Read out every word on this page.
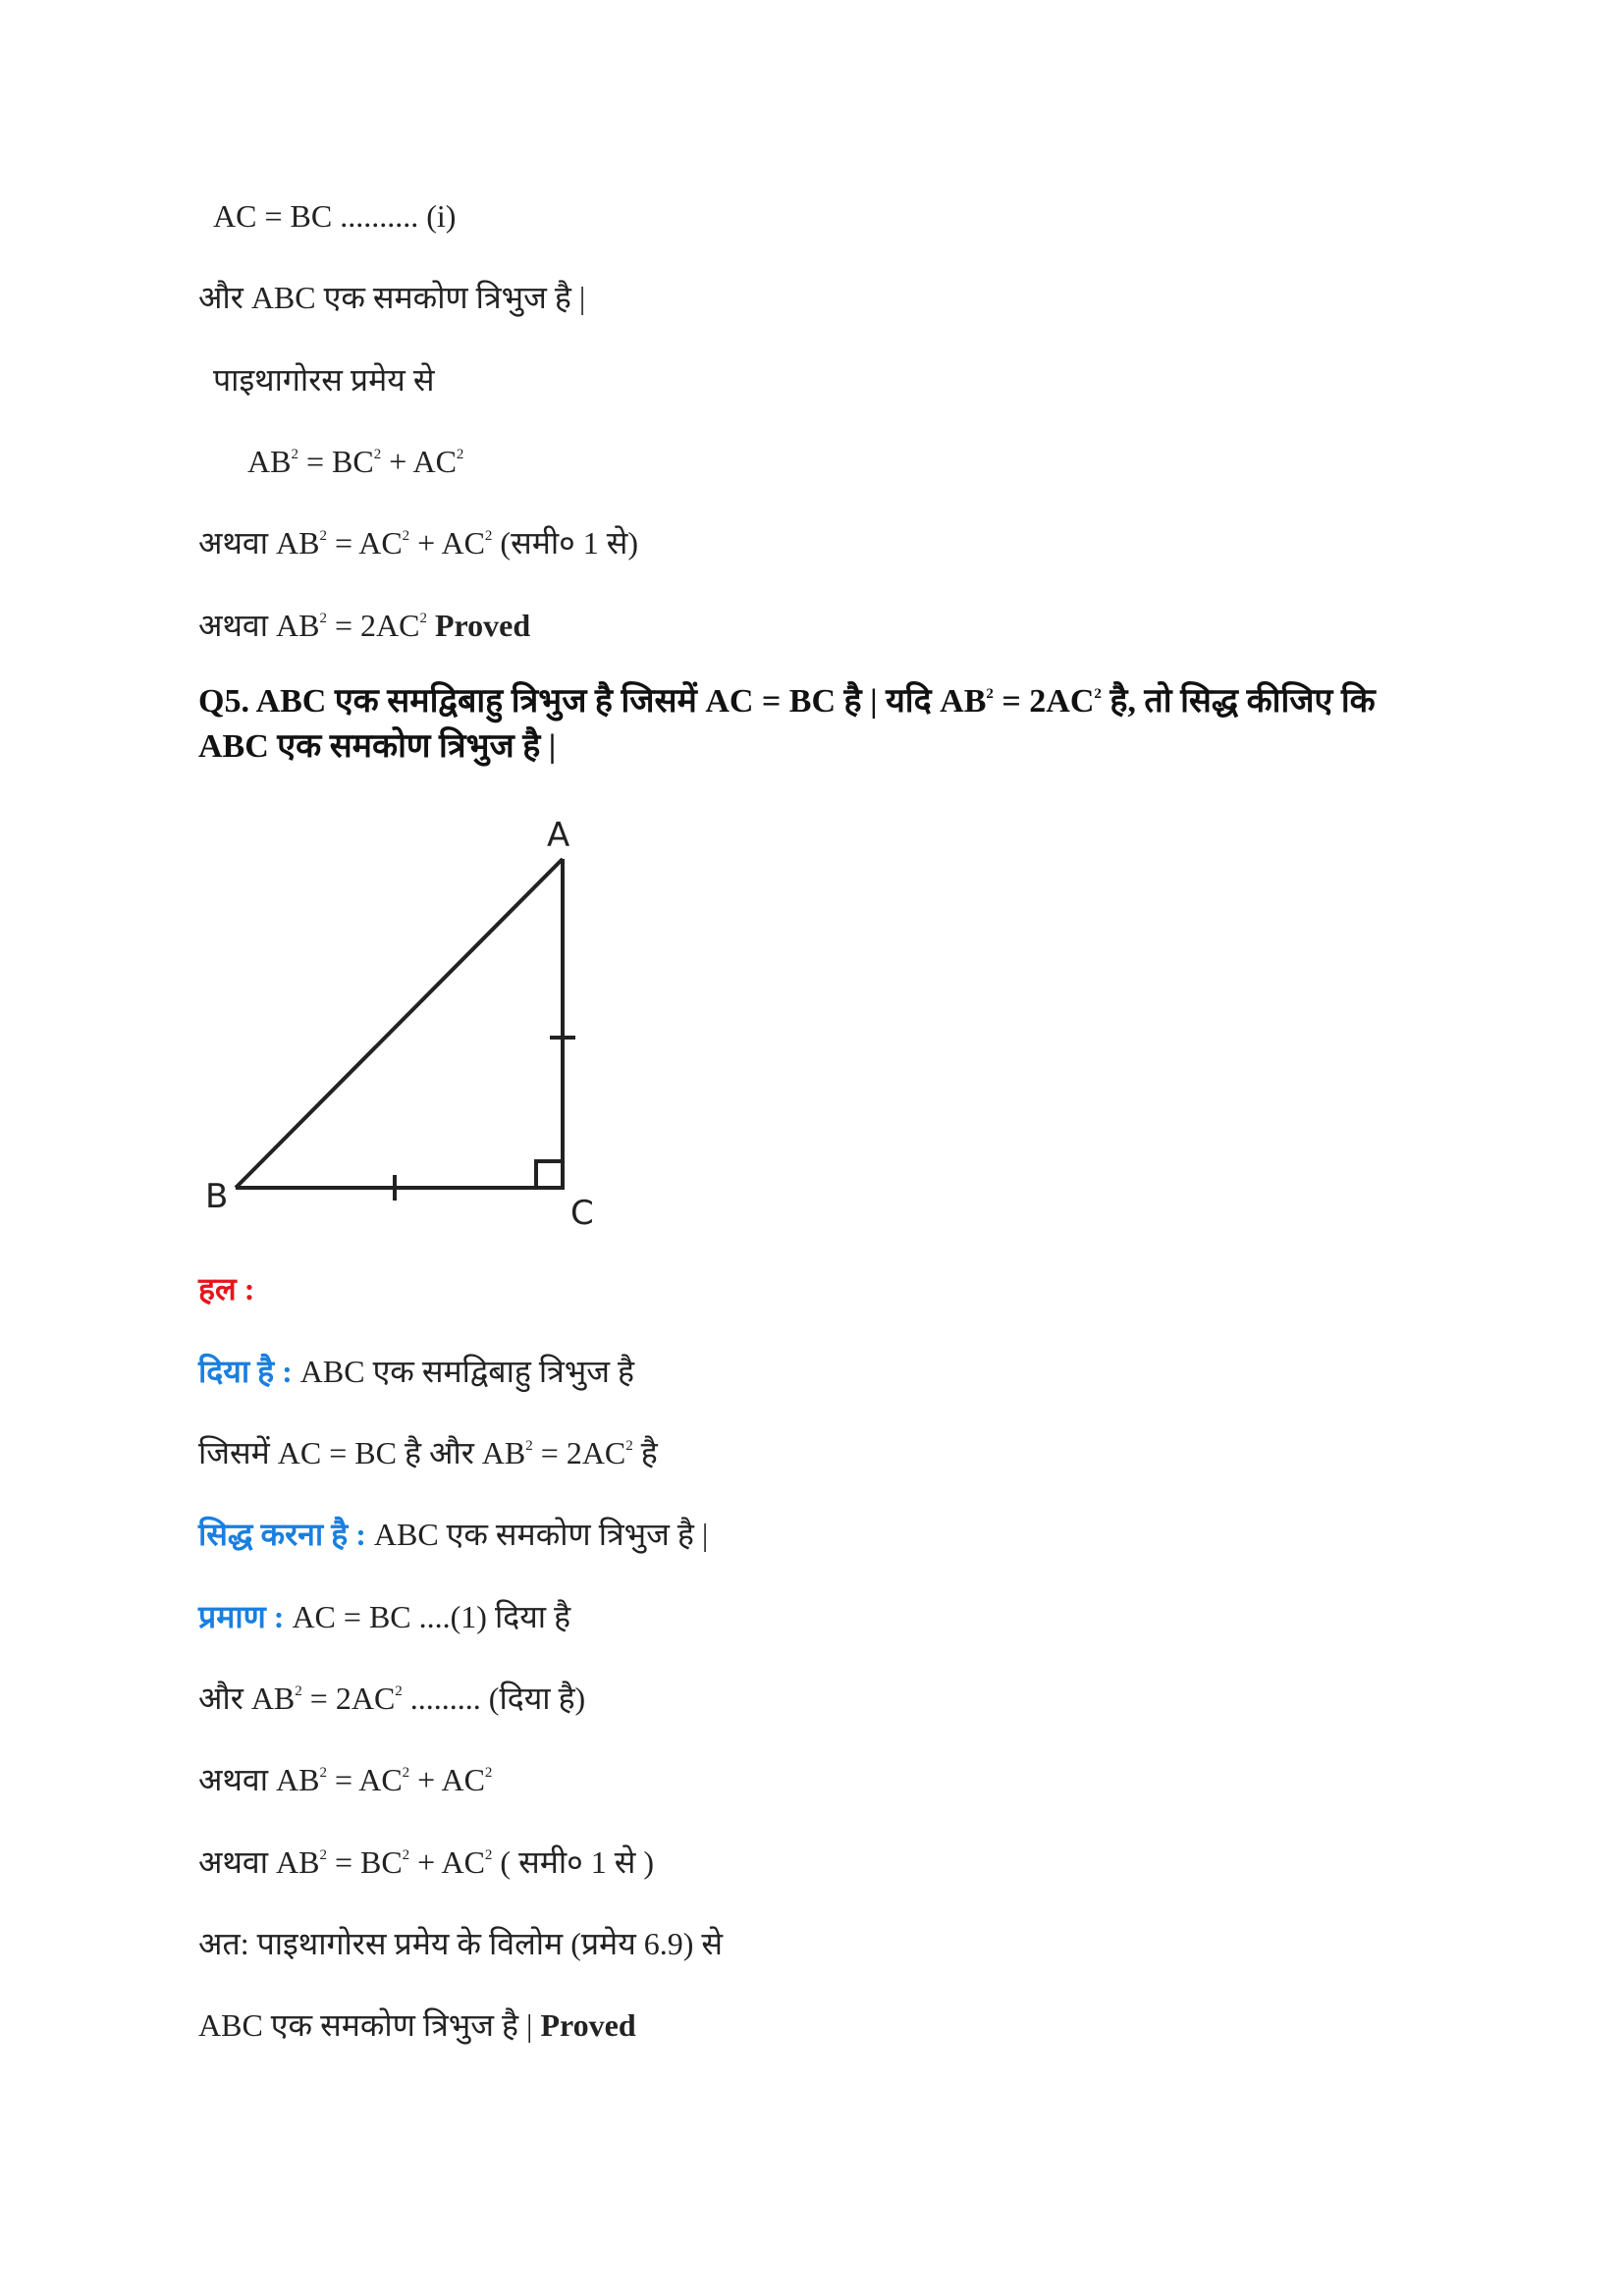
AC = BC .......... (i)
और ABC एक समकोण त्रिभुज है |
पाइथागोरस प्रमेय से
$AB^2 = BC^2 + AC^2$
अथवा $AB^2 = AC^2 + AC^2$ (समी० 1 से)
अथवा $AB^2 = 2AC^2$ Proved
Q5. ABC एक समद्विबाहु त्रिभुज है जिसमें AC = BC है | यदि $AB^2 = 2AC^2$ है, तो सिद्ध कीजिए कि ABC एक समकोण त्रिभुज है |
A
B	C
हल :
दिया है : ABC एक समद्विबाहु त्रिभुज है
जिसमें AC = BC है और $AB^2 = 2AC^2$ है
सिद्ध करना है : ABC एक समकोण त्रिभुज है |
प्रमाण : AC = BC ....(1) दिया है
और $AB^2 = 2AC^2$ ......... (दिया है)
अथवा $AB^2 = AC^2 + AC^2$
अथवा $AB^2 = BC^2 + AC^2$ ( समी० 1 से )
अत: पाइथागोरस प्रमेय के विलोम (प्रमेय 6.9) से
ABC एक समकोण त्रिभुज है | Proved
